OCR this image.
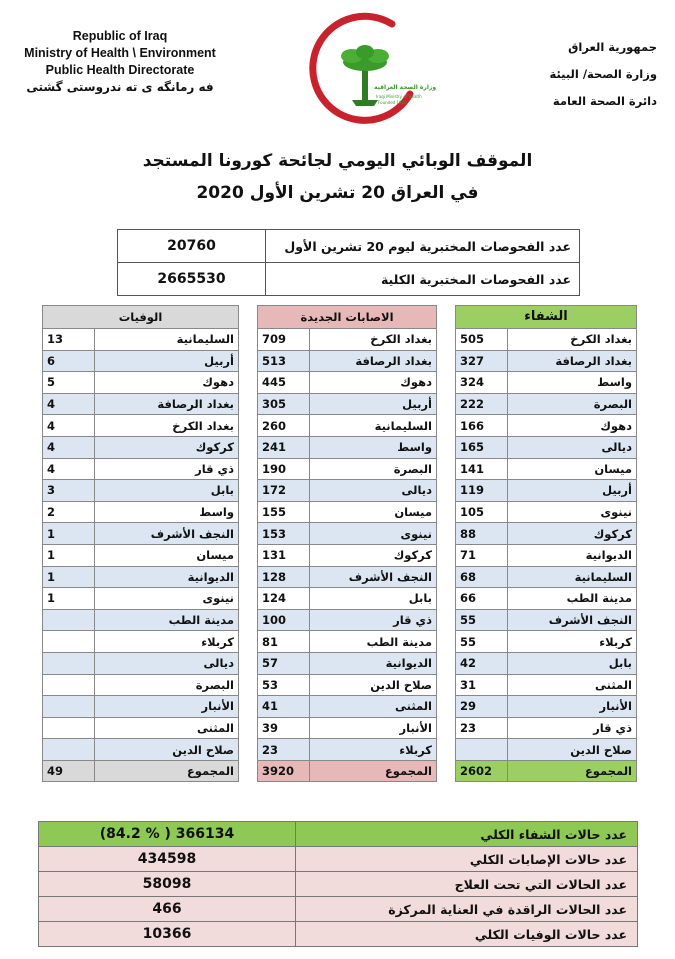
Republic of Iraq
Ministry of Health \ Environment
Public Health Directorate
فه رمانگه ی ته ندروستی گشتی	وزارة الصحة العراقية
Iraqi Ministry of Health
Founded 1920
جمهورية العراق
وزارة الصحة/ البيئة
دائرة الصحة العامة
الموقف الوبائي اليومي لجائحة كورونا المستجد
في العراق 20 تشرين الأول 2020
20760	عدد الفحوصات المختبرية ليوم 20 تشرين الأول
2665530	عدد الفحوصات المختبرية الكلية
الشفاء	
505	بغداد الكرخ
327	بغداد الرصافة
324	واسط
222	البصرة
166	دهوك
165	ديالى
141	ميسان
119	أربيل
105	نينوى
88	كركوك
71	الديوانية
68	السليمانية
66	مدينة الطب
55	النجف الأشرف
55	كربلاء
42	بابل
31	المثنى
29	الأنبار
23	ذي قار
	صلاح الدين
2602	المجموع
الاصابات الجديدة	
709	بغداد الكرخ
513	بغداد الرصافة
445	دهوك
305	أربيل
260	السليمانية
241	واسط
190	البصرة
172	ديالى
155	ميسان
153	نينوى
131	كركوك
128	النجف الأشرف
124	بابل
100	ذي قار
81	مدينة الطب
57	الديوانية
53	صلاح الدين
41	المثنى
39	الأنبار
23	كربلاء
3920	المجموع
الوفيات	
13	السليمانية
6	أربيل
5	دهوك
4	بغداد الرصافة
4	بغداد الكرخ
4	كركوك
4	ذي قار
3	بابل
2	واسط
1	النجف الأشرف
1	ميسان
1	الديوانية
1	نينوى
	مدينة الطب
	كربلاء
	ديالى
	البصرة
	الأنبار
	المثنى
	صلاح الدين
49	المجموع
(84.2 % ) 366134	عدد حالات الشفاء الكلي
434598	عدد حالات الإصابات الكلي
58098	عدد الحالات التي تحت العلاج
466	عدد الحالات الراقدة في العناية المركزة
10366	عدد حالات الوفيات الكلي
